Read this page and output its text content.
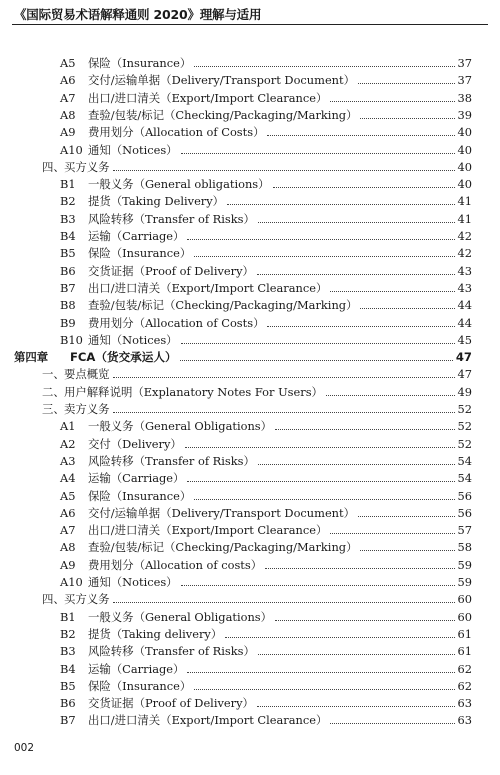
《国际贸易术语解释通则 2020》理解与适用
A5	保险（Insurance）	37
A6	交付/运输单据（Delivery/Transport Document）	37
A7	出口/进口清关（Export/Import Clearance）	38
A8	查验/包装/标记（Checking/Packaging/Marking）	39
A9	费用划分（Allocation of Costs）	40
A10 通知（Notices）	40
四、 买方义务	40
B1	一般义务（General obligations）	40
B2	提货（Taking Delivery）	41
B3	风险转移（Transfer of Risks）	41
B4	运输（Carriage）	42
B5	保险（Insurance）	42
B6	交货证据（Proof of Delivery）	43
B7	出口/进口清关（Export/Import Clearance）	43
B8	查验/包装/标记（Checking/Packaging/Marking）	44
B9	费用划分（Allocation of Costs）	44
B10 通知（Notices）	45
第四章	FCA（货交承运人）	47
一、 要点概览	47
二、 用户解释说明（Explanatory Notes For Users）	49
三、 卖方义务	52
A1	一般义务（General Obligations）	52
A2	交付（Delivery）	52
A3	风险转移（Transfer of Risks）	54
A4	运输（Carriage）	54
A5	保险（Insurance）	56
A6	交付/运输单据（Delivery/Transport Document）	56
A7	出口/进口清关（Export/Import Clearance）	57
A8	查验/包装/标记（Checking/Packaging/Marking）	58
A9	费用划分（Allocation of costs）	59
A10 通知（Notices）	59
四、 买方义务	60
B1	一般义务（General Obligations）	60
B2	提货（Taking delivery）	61
B3	风险转移（Transfer of Risks）	61
B4	运输（Carriage）	62
B5	保险（Insurance）	62
B6	交货证据（Proof of Delivery）	63
B7	出口/进口清关（Export/Import Clearance）	63
002
